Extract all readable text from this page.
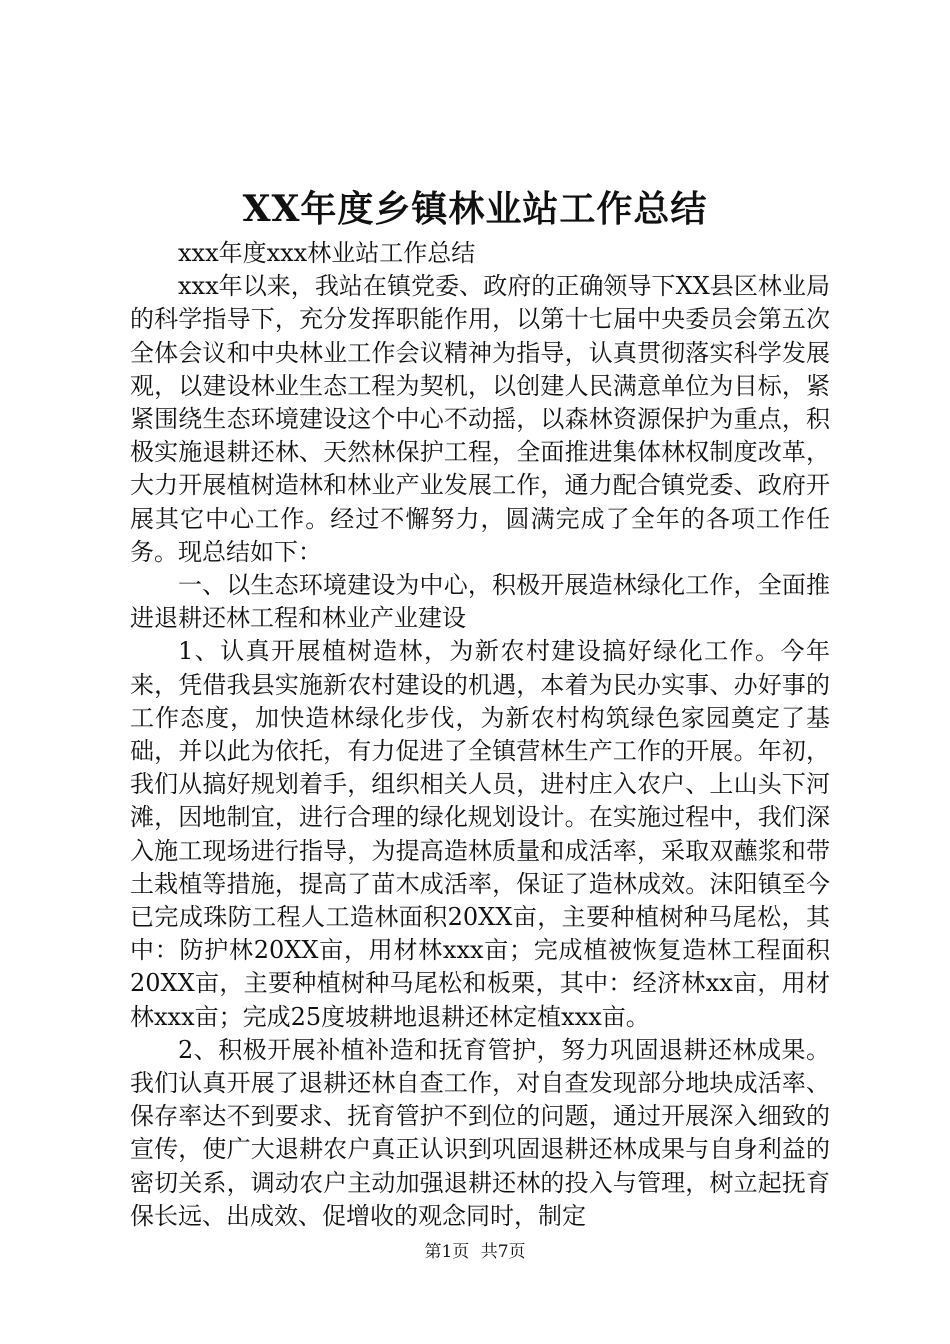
XX年度乡镇林业站工作总结

xxx年度xxx林业站工作总结

xxx年以来，我站在镇党委、政府的正确领导下XX县区林业局的科学指导下，充分发挥职能作用，以第十七届中央委员会第五次全体会议和中央林业工作会议精神为指导，认真贯彻落实科学发展观，以建设林业生态工程为契机，以创建人民满意单位为目标，紧紧围绕生态环境建设这个中心不动摇，以森林资源保护为重点，积极实施退耕还林、天然林保护工程，全面推进集体林权制度改革，大力开展植树造林和林业产业发展工作，通力配合镇党委、政府开展其它中心工作。经过不懈努力，圆满完成了全年的各项工作任务。现总结如下：

一、以生态环境建设为中心，积极开展造林绿化工作，全面推进退耕还林工程和林业产业建设

1、认真开展植树造林，为新农村建设搞好绿化工作。今年来，凭借我县实施新农村建设的机遇，本着为民办实事、办好事的工作态度，加快造林绿化步伐，为新农村构筑绿色家园奠定了基础，并以此为依托，有力促进了全镇营林生产工作的开展。年初，我们从搞好规划着手，组织相关人员，进村庄入农户、上山头下河滩，因地制宜，进行合理的绿化规划设计。在实施过程中，我们深入施工现场进行指导，为提高造林质量和成活率，采取双蘸浆和带土栽植等措施，提高了苗木成活率，保证了造林成效。沫阳镇至今已完成珠防工程人工造林面积20XX亩，主要种植树种马尾松，其中：防护林20XX亩，用材林xxx亩；完成植被恢复造林工程面积20XX亩，主要种植树种马尾松和板栗，其中：经济林xx亩，用材林xxx亩；完成25度坡耕地退耕还林定植xxx亩。

2、积极开展补植补造和抚育管护，努力巩固退耕还林成果。我们认真开展了退耕还林自查工作，对自查发现部分地块成活率、保存率达不到要求、抚育管护不到位的问题，通过开展深入细致的宣传，使广大退耕农户真正认识到巩固退耕还林成果与自身利益的密切关系，调动农户主动加强退耕还林的投入与管理，树立起抚育保长远、出成效、促增收的观念同时，制定

第1页 共7页
